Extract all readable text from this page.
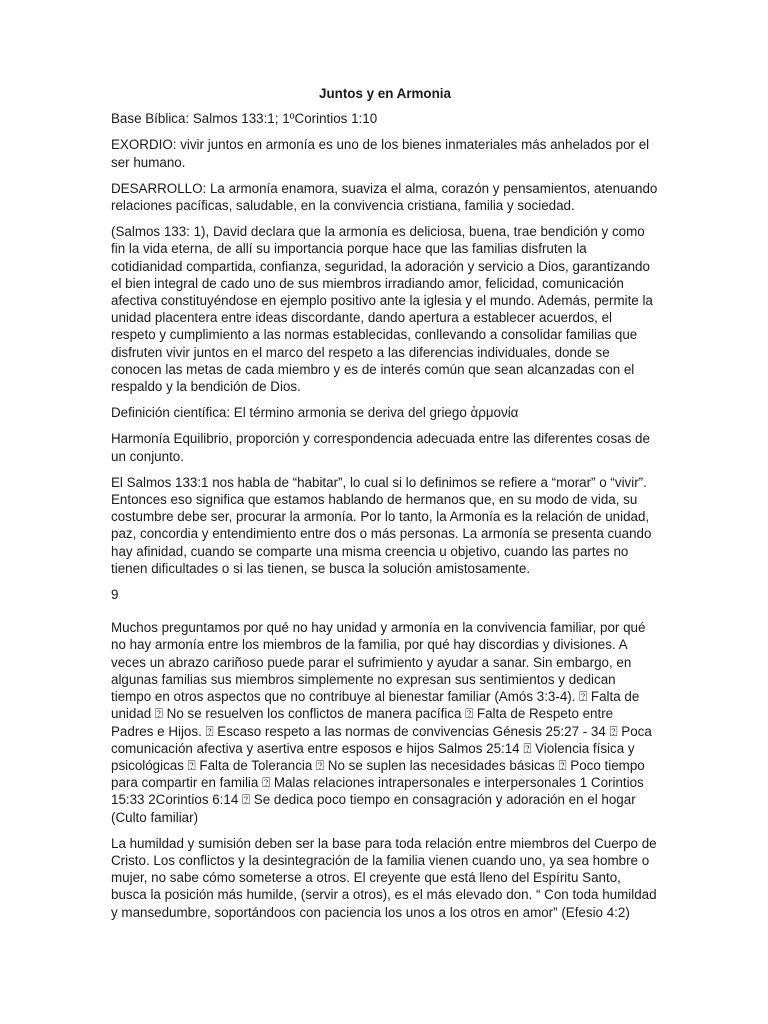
Juntos y en Armonia

Base Bíblica: Salmos 133:1; 1ºCorintios 1:10

EXORDIO: vivir juntos en armonía es uno de los bienes inmateriales más anhelados por el ser humano.

DESARROLLO: La armonía enamora, suaviza el alma, corazón y pensamientos, atenuando relaciones pacíficas, saludable, en la convivencia cristiana, familia y sociedad.

(Salmos 133: 1), David declara que la armonía es deliciosa, buena, trae bendición y como fin la vida eterna, de allí su importancia porque hace que las familias disfruten la cotidianidad compartida, confianza, seguridad, la adoración y servicio a Dios, garantizando el bien integral de cado uno de sus miembros irradiando amor, felicidad, comunicación afectiva constituyéndose en ejemplo positivo ante la iglesia y el mundo. Además, permite la unidad placentera entre ideas discordante, dando apertura a establecer acuerdos, el respeto y cumplimiento a las normas establecidas, conllevando a consolidar familias que disfruten vivir juntos en el marco del respeto a las diferencias individuales, donde se conocen las metas de cada miembro y es de interés común que sean alcanzadas con el respaldo y la bendición de Dios.

Definición científica: El término armonia se deriva del griego ἁρμονία

Harmonía Equilibrio, proporción y correspondencia adecuada entre las diferentes cosas de un conjunto.

El Salmos 133:1 nos habla de “habitar”, lo cual si lo definimos se refiere a “morar” o “vivir”. Entonces eso significa que estamos hablando de hermanos que, en su modo de vida, su costumbre debe ser, procurar la armonía. Por lo tanto, la Armonía es la relación de unidad, paz, concordia y entendimiento entre dos o más personas. La armonía se presenta cuando hay afinidad, cuando se comparte una misma creencia u objetivo, cuando las partes no tienen dificultades o si las tienen, se busca la solución amistosamente.

9

Muchos preguntamos por qué no hay unidad y armonía en la convivencia familiar, por qué no hay armonía entre los miembros de la familia, por qué hay discordias y divisiones. A veces un abrazo cariñoso puede parar el sufrimiento y ayudar a sanar. Sin embargo, en algunas familias sus miembros simplemente no expresan sus sentimientos y dedican tiempo en otros aspectos que no contribuye al bienestar familiar (Amós 3:3-4). ⍰ Falta de unidad ⍰ No se resuelven los conflictos de manera pacífica ⍰ Falta de Respeto entre Padres e Hijos. ⍰ Escaso respeto a las normas de convivencias Génesis 25:27 - 34 ⍰ Poca comunicación afectiva y asertiva entre esposos e hijos Salmos 25:14 ⍰ Violencia física y psicológicas ⍰ Falta de Tolerancia ⍰ No se suplen las necesidades básicas ⍰ Poco tiempo para compartir en familia ⍰ Malas relaciones intrapersonales e interpersonales 1 Corintios 15:33 2Corintios 6:14 ⍰ Se dedica poco tiempo en consagración y adoración en el hogar (Culto familiar)

La humildad y sumisión deben ser la base para toda relación entre miembros del Cuerpo de Cristo. Los conflictos y la desintegración de la familia vienen cuando uno, ya sea hombre o mujer, no sabe cómo someterse a otros. El creyente que está lleno del Espíritu Santo, busca la posición más humilde, (servir a otros), es el más elevado don. “ Con toda humildad y mansedumbre, soportándoos con paciencia los unos a los otros en amor” (Efesio 4:2)
